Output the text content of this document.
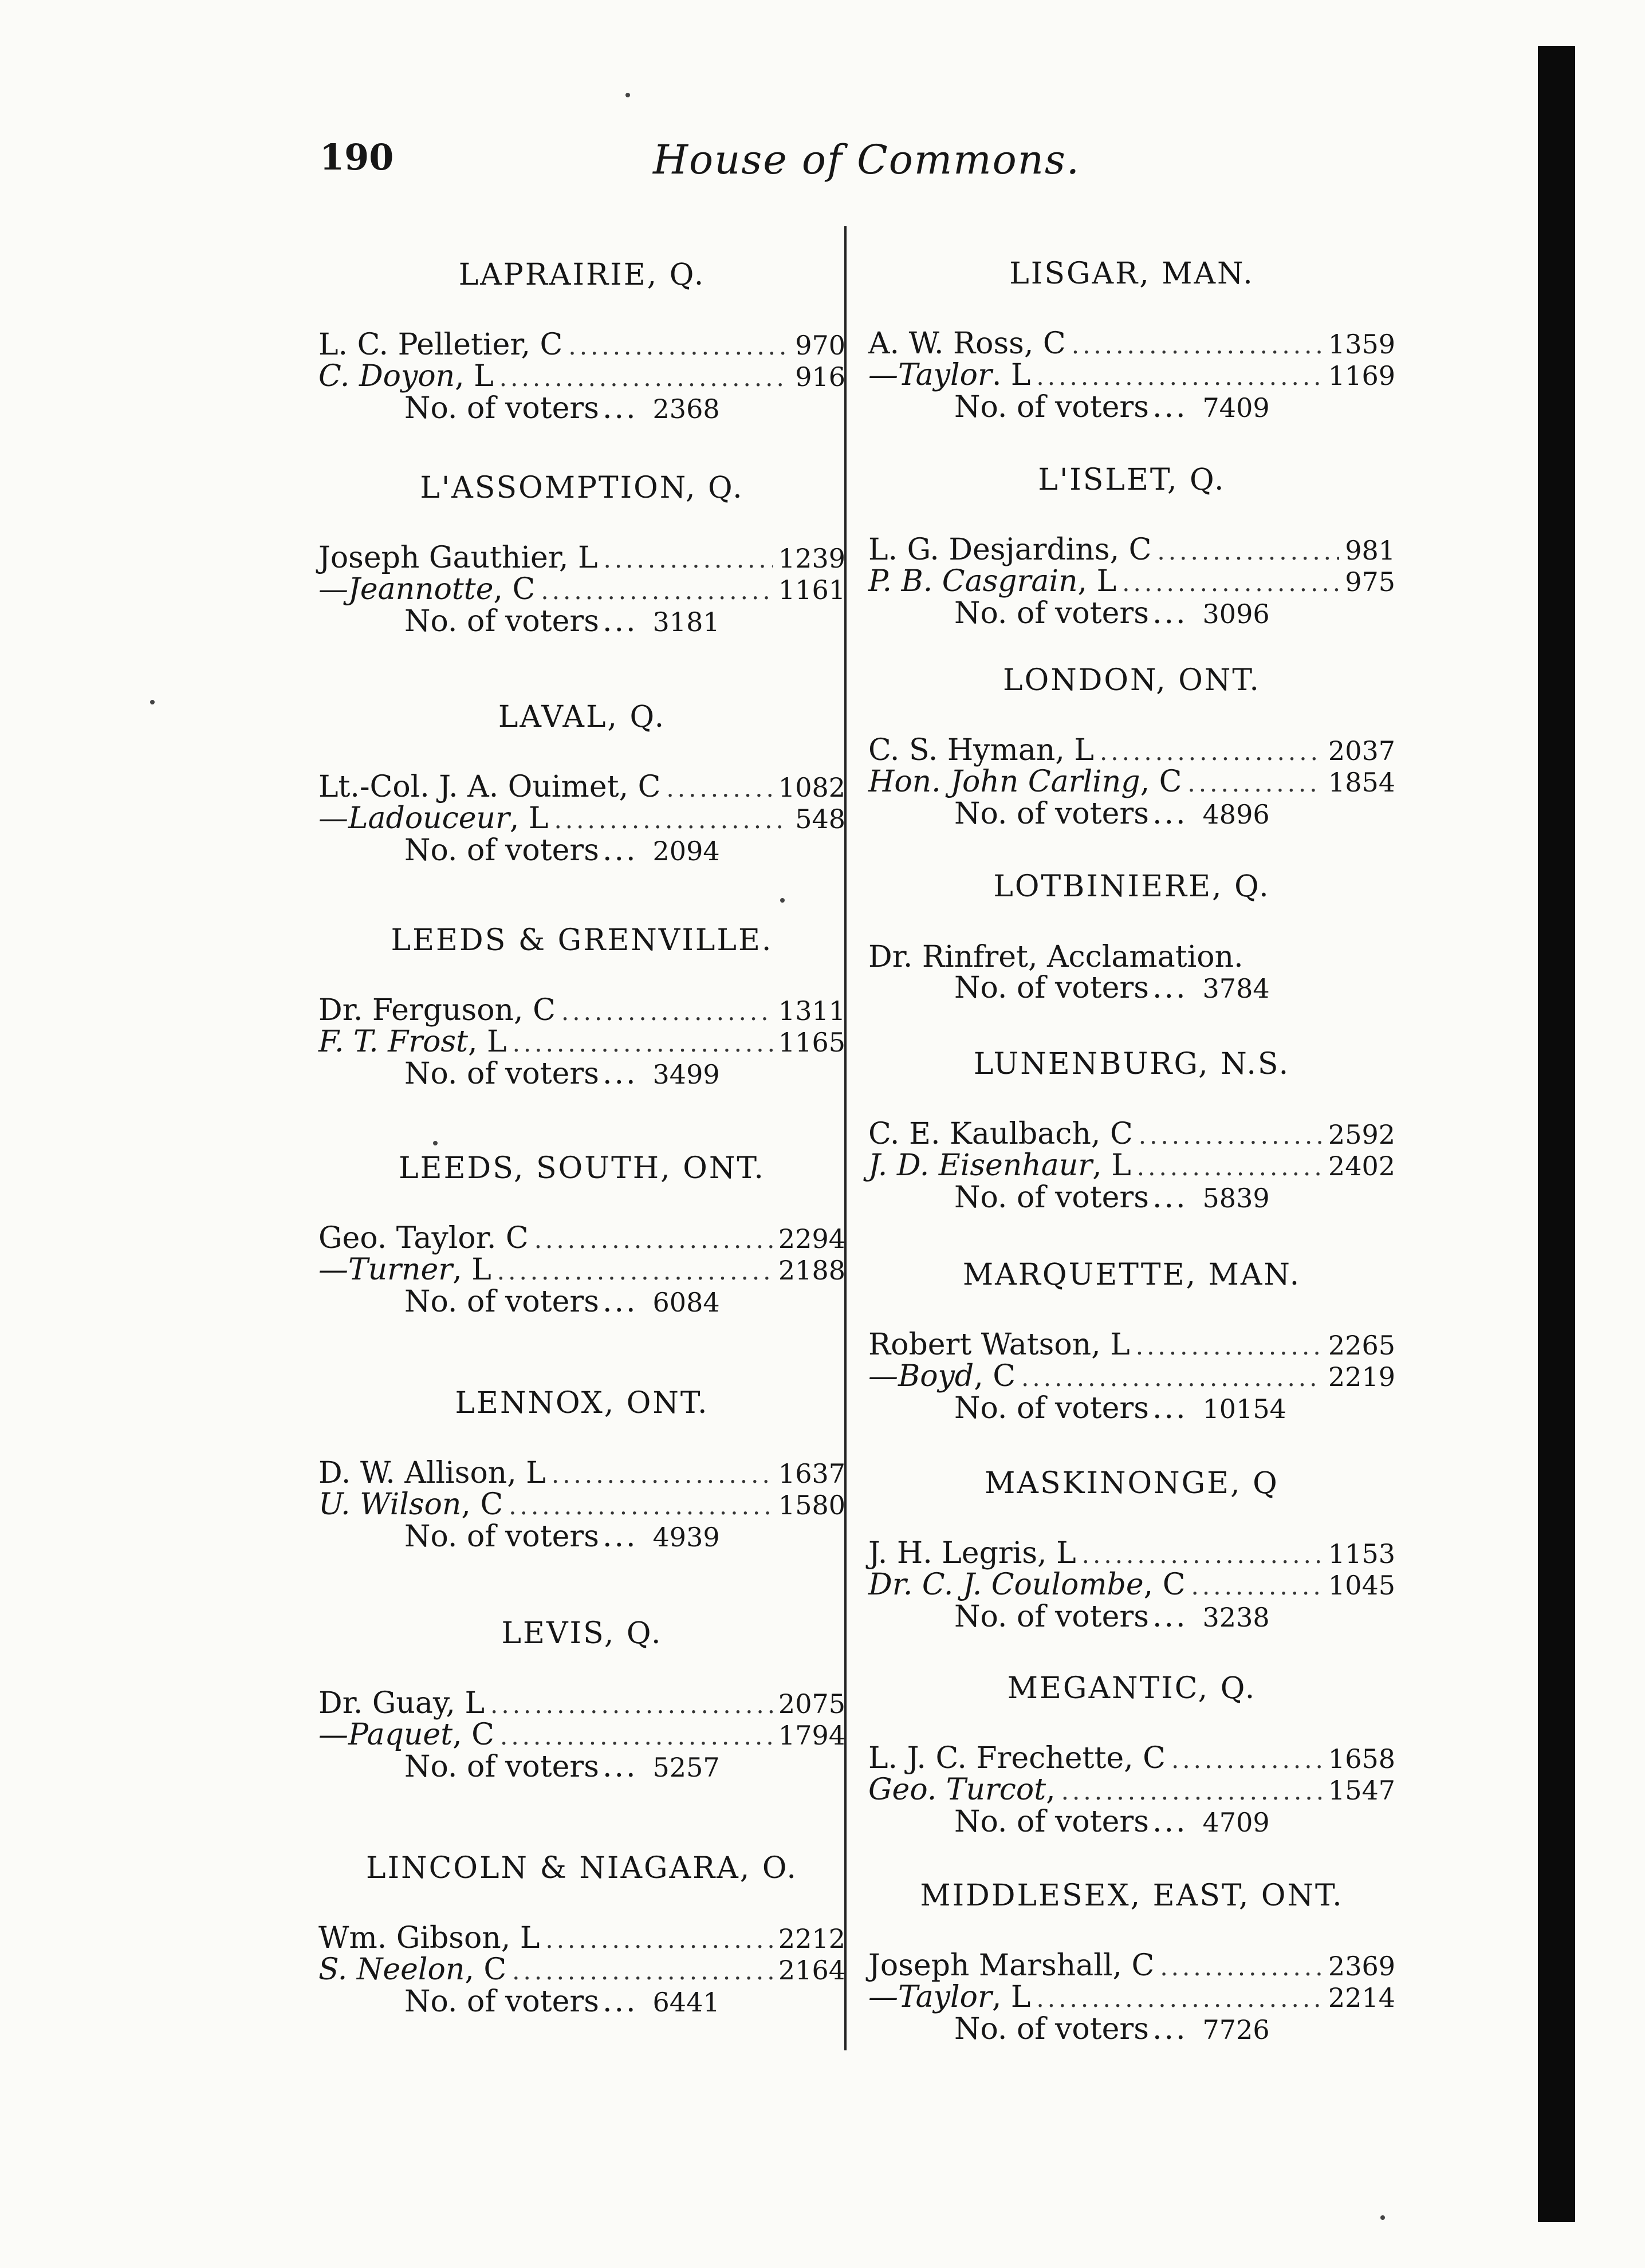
190	House of Commons.
LAPRAIRIE, Q.
L. C. Pelletier, C .....	970
C. Doyon, L .....	916
No. of voters ... 2368
L'ASSOMPTION, Q.
Joseph Gauthier, L .....	1239
—Jeannotte, C .....	1161
No. of voters ... 3181
LAVAL, Q.
Lt.-Col. J. A. Ouimet, C .....	1082
—Ladouceur, L .....	548
No. of voters ... 2094
LEEDS & GRENVILLE.
Dr. Ferguson, C .....	1311
F. T. Frost, L .....	1165
No. of voters ... 3499
LEEDS, SOUTH, ONT.
Geo. Taylor. C .....	2294
—Turner, L .....	2188
No. of voters ... 6084
LENNOX, ONT.
D. W. Allison, L .....	1637
U. Wilson, C .....	1580
No. of voters ... 4939
LEVIS, Q.
Dr. Guay, L .....	2075
—Paquet, C .....	1794
No. of voters ... 5257
LINCOLN & NIAGARA, O.
Wm. Gibson, L .....	2212
S. Neelon, C .....	2164
No. of voters ... 6441
LISGAR, MAN.
A. W. Ross, C .....	1359
—Taylor. L .....	1169
No. of voters ... 7409
L'ISLET, Q.
L. G. Desjardins, C .....	981
P. B. Casgrain, L .....	975
No. of voters ... 3096
LONDON, ONT.
C. S. Hyman, L .....	2037
Hon. John Carling, C .....	1854
No. of voters ... 4896
LOTBINIERE, Q.
Dr. Rinfret, Acclamation.
No. of voters ... 3784
LUNENBURG, N.S.
C. E. Kaulbach, C .....	2592
J. D. Eisenhaur, L .....	2402
No. of voters ... 5839
MARQUETTE, MAN.
Robert Watson, L .....	2265
—Boyd, C .....	2219
No. of voters ... 10154
MASKINONGE, Q
J. H. Legris, L .....	1153
Dr. C. J. Coulombe, C .....	1045
No. of voters ... 3238
MEGANTIC, Q.
L. J. C. Frechette, C .....	1658
Geo. Turcot, .....	1547
No. of voters ... 4709
MIDDLESEX, EAST, ONT.
Joseph Marshall, C .....	2369
—Taylor, L .....	2214
No. of voters ... 7726
